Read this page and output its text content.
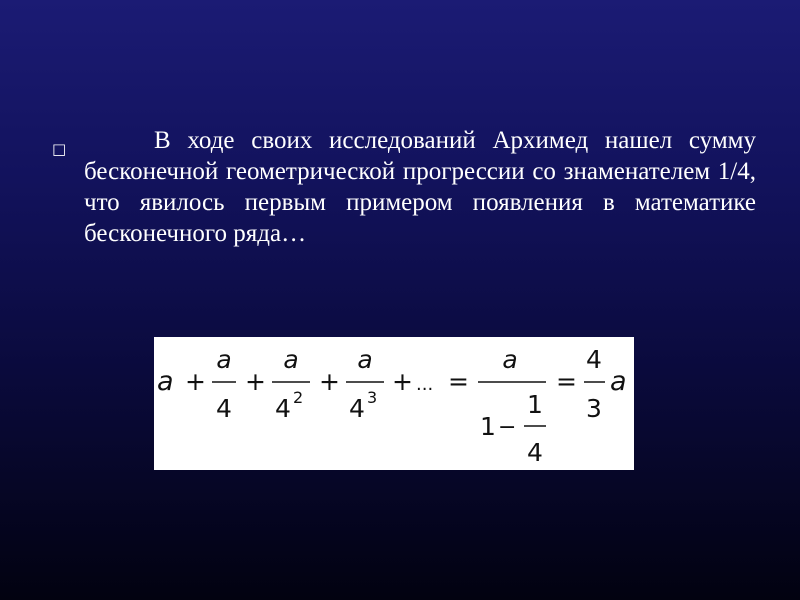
□	В ходе своих исследований Архимед нашел сумму бесконечной геометрической прогрессии со знаменателем 1/4, что явилось первым примером появления в математике бесконечного ряда…

a +
a
4
+
a
4 2
+
a
4 3
+ ... =
a
1 −
1
4
=
4
3
a
